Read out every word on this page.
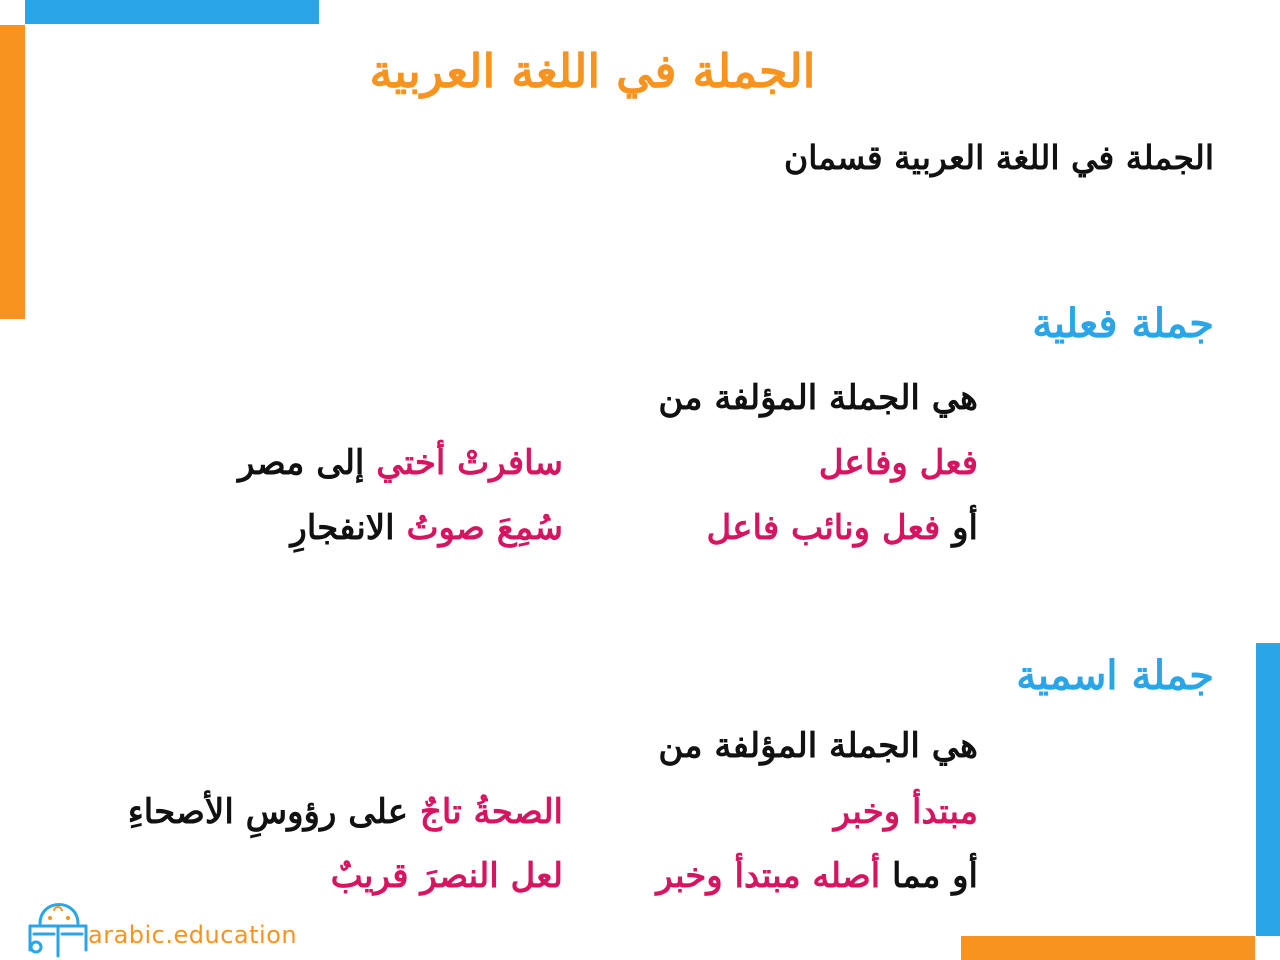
الجملة في اللغة العربية
الجملة في اللغة العربية قسمان
جملة فعلية
هي الجملة المؤلفة من
فعل وفاعل
سافرتْ أختي إلى مصر
أو فعل ونائب فاعل
سُمِعَ صوتُ الانفجارِ
جملة اسمية
هي الجملة المؤلفة من
مبتدأ وخبر
الصحةُ تاجٌ على رؤوسِ الأصحاءِ
أو مما أصله مبتدأ وخبر
لعل النصرَ قريبٌ
arabic.education
